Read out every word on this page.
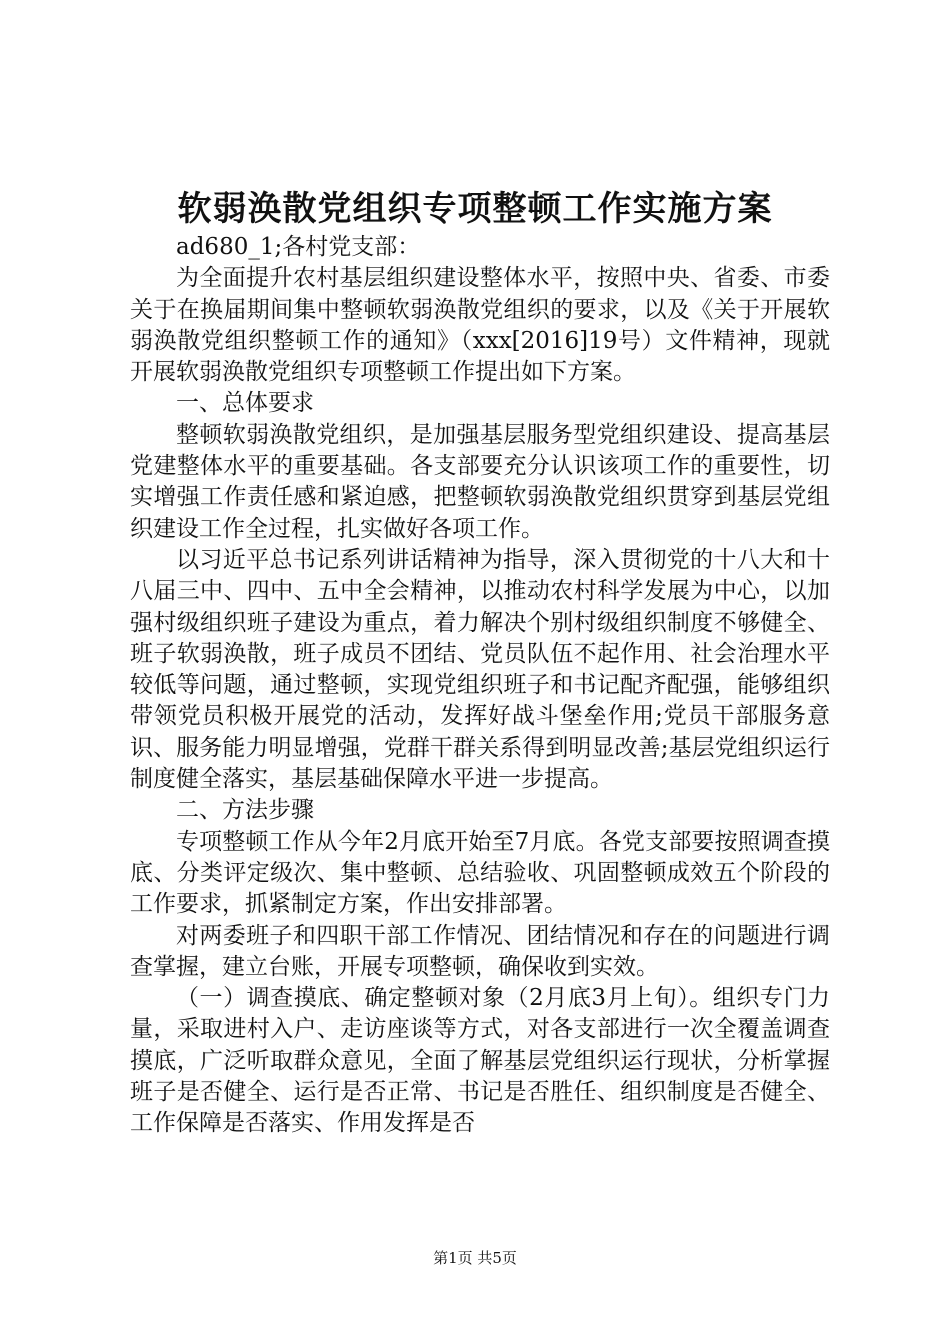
软弱涣散党组织专项整顿工作实施方案

ad680_1;各村党支部：

为全面提升农村基层组织建设整体水平，按照中央、省委、市委关于在换届期间集中整顿软弱涣散党组织的要求，以及《关于开展软弱涣散党组织整顿工作的通知》（xxx[2016]19号）文件精神，现就开展软弱涣散党组织专项整顿工作提出如下方案。

一、总体要求

整顿软弱涣散党组织，是加强基层服务型党组织建设、提高基层党建整体水平的重要基础。各支部要充分认识该项工作的重要性，切实增强工作责任感和紧迫感，把整顿软弱涣散党组织贯穿到基层党组织建设工作全过程，扎实做好各项工作。

以习近平总书记系列讲话精神为指导，深入贯彻党的十八大和十八届三中、四中、五中全会精神，以推动农村科学发展为中心，以加强村级组织班子建设为重点，着力解决个别村级组织制度不够健全、班子软弱涣散，班子成员不团结、党员队伍不起作用、社会治理水平较低等问题，通过整顿，实现党组织班子和书记配齐配强，能够组织带领党员积极开展党的活动，发挥好战斗堡垒作用;党员干部服务意识、服务能力明显增强，党群干群关系得到明显改善;基层党组织运行制度健全落实，基层基础保障水平进一步提高。

二、方法步骤

专项整顿工作从今年2月底开始至7月底。各党支部要按照调查摸底、分类评定级次、集中整顿、总结验收、巩固整顿成效五个阶段的工作要求，抓紧制定方案，作出安排部署。

对两委班子和四职干部工作情况、团结情况和存在的问题进行调查掌握，建立台账，开展专项整顿，确保收到实效。

（一）调查摸底、确定整顿对象（2月底3月上旬）。组织专门力量，采取进村入户、走访座谈等方式，对各支部进行一次全覆盖调查摸底，广泛听取群众意见，全面了解基层党组织运行现状，分析掌握班子是否健全、运行是否正常、书记是否胜任、组织制度是否健全、工作保障是否落实、作用发挥是否

第1页 共5页
